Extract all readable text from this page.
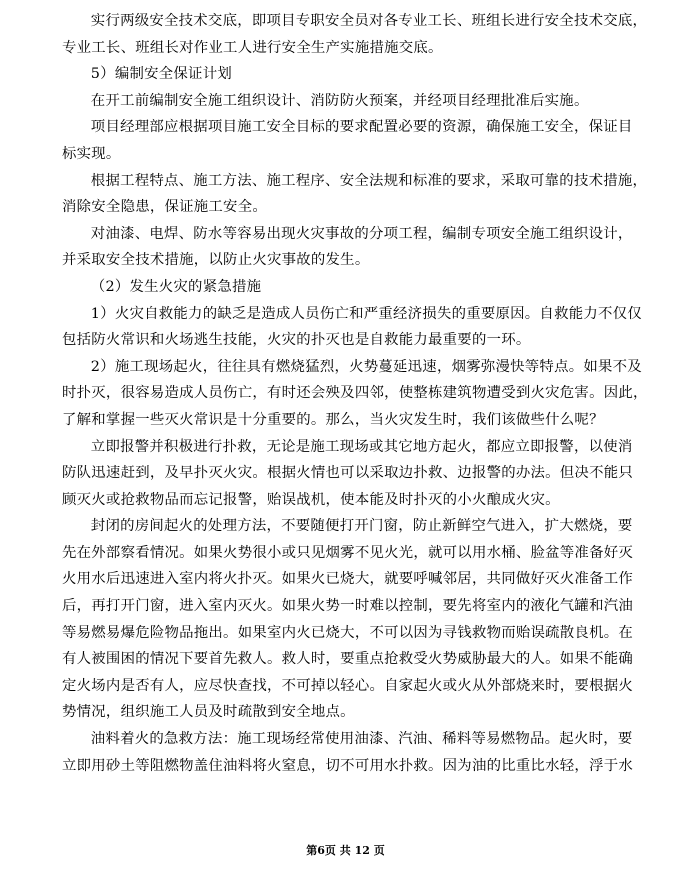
实行两级安全技术交底，即项目专职安全员对各专业工长、班组长进行安全技术交底，
专业工长、班组长对作业工人进行安全生产实施措施交底。

5）编制安全保证计划

在开工前编制安全施工组织设计、消防防火预案，并经项目经理批准后实施。

项目经理部应根据项目施工安全目标的要求配置必要的资源，确保施工安全，保证目
标实现。

根据工程特点、施工方法、施工程序、安全法规和标准的要求，采取可靠的技术措施，
消除安全隐患，保证施工安全。

对油漆、电焊、防水等容易出现火灾事故的分项工程，编制专项安全施工组织设计，
并采取安全技术措施，以防止火灾事故的发生。

（2）发生火灾的紧急措施

1）火灾自救能力的缺乏是造成人员伤亡和严重经济损失的重要原因。自救能力不仅仅
包括防火常识和火场逃生技能，火灾的扑灭也是自救能力最重要的一环。

2）施工现场起火，往往具有燃烧猛烈，火势蔓延迅速，烟雾弥漫快等特点。如果不及
时扑灭，很容易造成人员伤亡，有时还会殃及四邻，使整栋建筑物遭受到火灾危害。因此，
了解和掌握一些灭火常识是十分重要的。那么，当火灾发生时，我们该做些什么呢？

立即报警并积极进行扑救，无论是施工现场或其它地方起火，都应立即报警，以使消
防队迅速赶到，及早扑灭火灾。根据火情也可以采取边扑救、边报警的办法。但决不能只
顾灭火或抢救物品而忘记报警，贻误战机，使本能及时扑灭的小火酿成火灾。

封闭的房间起火的处理方法，不要随便打开门窗，防止新鲜空气进入，扩大燃烧，要
先在外部察看情况。如果火势很小或只见烟雾不见火光，就可以用水桶、脸盆等准备好灭
火用水后迅速进入室内将火扑灭。如果火已烧大，就要呼喊邻居，共同做好灭火准备工作
后，再打开门窗，进入室内灭火。如果火势一时难以控制，要先将室内的液化气罐和汽油
等易燃易爆危险物品拖出。如果室内火已烧大，不可以因为寻钱救物而贻误疏散良机。在
有人被围困的情况下要首先救人。救人时，要重点抢救受火势威胁最大的人。如果不能确
定火场内是否有人，应尽快查找，不可掉以轻心。自家起火或火从外部烧来时，要根据火
势情况，组织施工人员及时疏散到安全地点。

油料着火的急救方法：施工现场经常使用油漆、汽油、稀料等易燃物品。起火时，要
立即用砂土等阻燃物盖住油料将火窒息，切不可用水扑救。因为油的比重比水轻，浮于水

第6页 共 12 页
